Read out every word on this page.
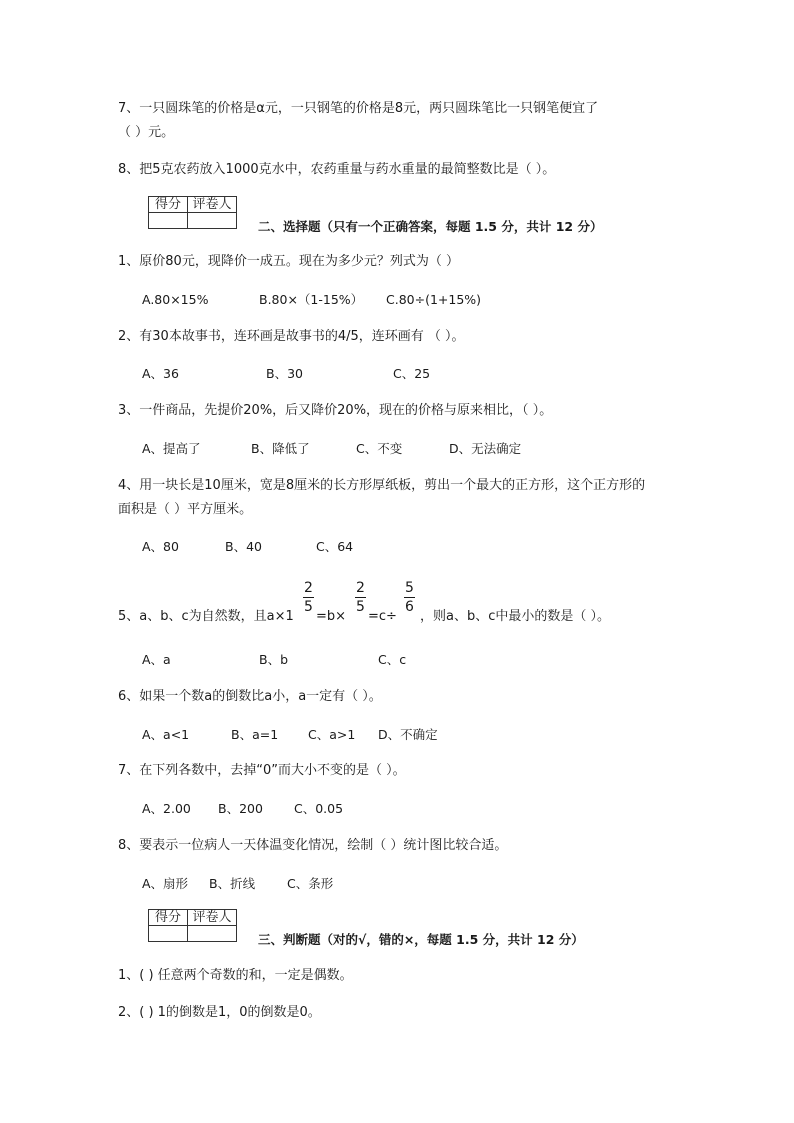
7、一只圆珠笔的价格是α元，一只钢笔的价格是8元，两只圆珠笔比一只钢笔便宜了
（ ）元。
8、把5克农药放入1000克水中，农药重量与药水重量的最简整数比是（ ）。
得分	评卷人

二、选择题（只有一个正确答案，每题 1.5 分，共计 12 分）
1、原价80元，现降价一成五。现在为多少元？列式为（ ）
A.80×15%	B.80×（1-15%） C.80÷(1+15%)
2、有30本故事书，连环画是故事书的4/5，连环画有 （ ）。
A、36	B、30	C、25
3、一件商品，先提价20%，后又降价20%，现在的价格与原来相比，（ ）。
A、提高了	B、降低了	C、不变	D、无法确定
4、用一块长是10厘米，宽是8厘米的长方形厚纸板，剪出一个最大的正方形，这个正方形的
面积是（ ）平方厘米。
A、80	B、40	C、64
5、a、b、c为自然数，且a×1
2
5
=b×
2
5
=c÷
5
6
，则a、b、c中最小的数是（ ）。
A、a	B、b	C、c
6、如果一个数a的倒数比a小，a一定有（ ）。
A、a<1	B、a=1 C、a>1 D、不确定
7、在下列各数中，去掉“0”而大小不变的是（ ）。
A、2.00 B、200 C、0.05
8、要表示一位病人一天体温变化情况，绘制（ ）统计图比较合适。
A、扇形 B、折线	C、条形
得分	评卷人

三、判断题（对的√，错的×，每题 1.5 分，共计 12 分）
1、( ) 任意两个奇数的和，一定是偶数。
2、( ) 1的倒数是1，0的倒数是0。
